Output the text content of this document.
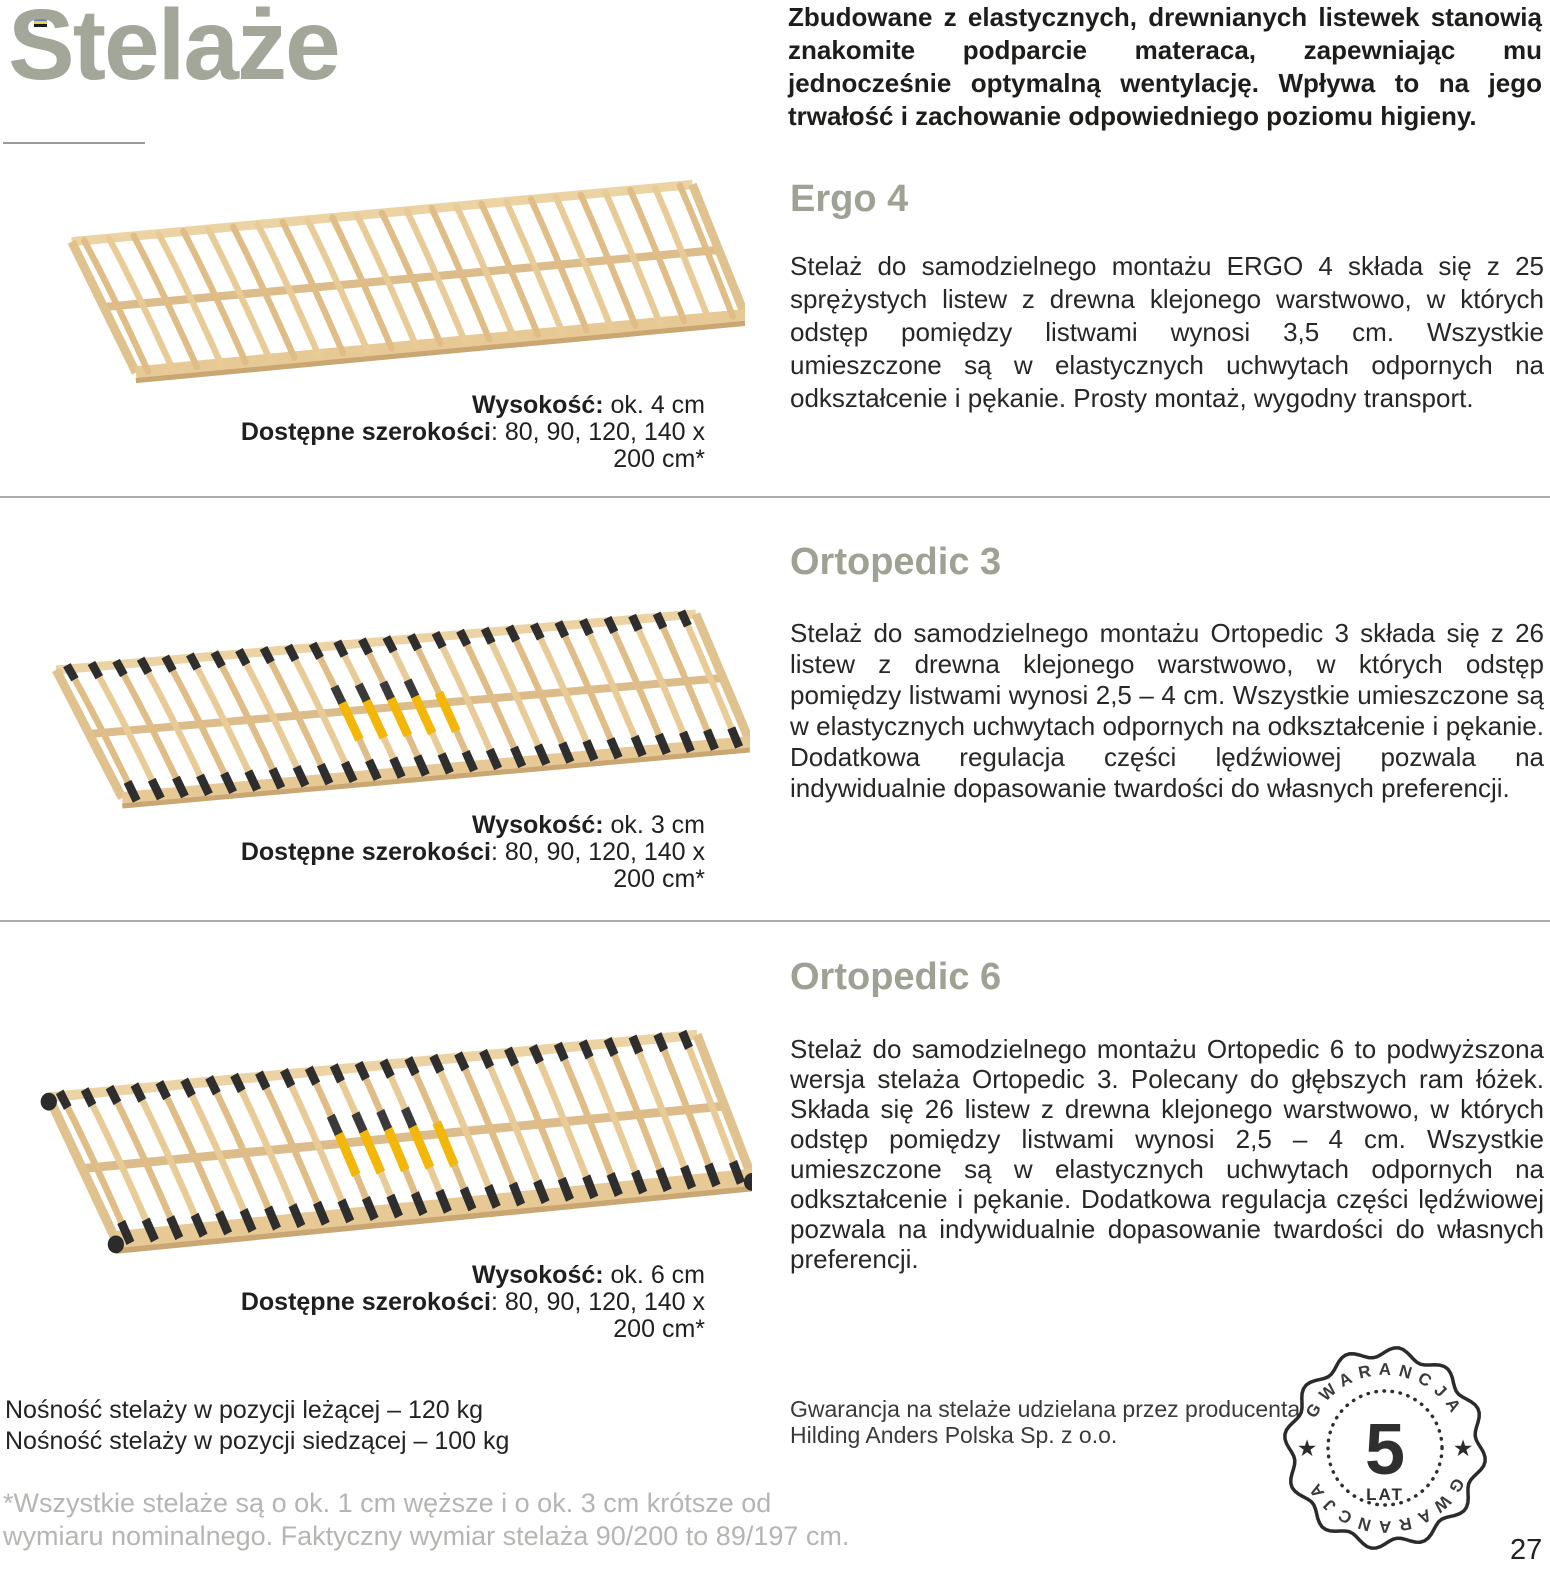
Stelaże	Zbudowane z elastycznych, drewnianych listewek stanowią znakomite podparcie materaca, zapewniając mu jednocześnie optymalną wentylację. Wpływa to na jego trwałość i zachowanie odpowiedniego poziomu higieny.
Wysokość: ok. 4 cm
Dostępne szerokości: 80, 90, 120, 140 x 200 cm*
Ergo 4
Stelaż do samodzielnego montażu ERGO 4 składa się z 25 sprężystych listew z drewna klejonego warstwowo, w których odstęp pomiędzy listwami wynosi 3,5 cm. Wszystkie umieszczone są w elastycznych uchwytach odpornych na odkształcenie i pękanie. Prosty montaż, wygodny transport.
Wysokość: ok. 3 cm
Dostępne szerokości: 80, 90, 120, 140 x 200 cm*
Ortopedic 3
Stelaż do samodzielnego montażu Ortopedic 3 składa się z 26 listew z drewna klejonego warstwowo, w których odstęp pomiędzy listwami wynosi 2,5 – 4 cm. Wszystkie umieszczone są w elastycznych uchwytach odpornych na odkształcenie i pękanie. Dodatkowa regulacja części lędźwiowej pozwala na indywidualnie dopasowanie twardości do własnych preferencji.
Wysokość: ok. 6 cm
Dostępne szerokości: 80, 90, 120, 140 x 200 cm*
Ortopedic 6
Stelaż do samodzielnego montażu Ortopedic 6 to podwyższona wersja stelaża Ortopedic 3. Polecany do głębszych ram łóżek. Składa się 26 listew z drewna klejonego warstwowo, w których odstęp pomiędzy listwami wynosi 2,5 – 4 cm. Wszystkie umieszczone są w elastycznych uchwytach odpornych na odkształcenie i pękanie. Dodatkowa regulacja części lędźwiowej pozwala na indywidualnie dopasowanie twardości do własnych preferencji.
Nośność stelaży w pozycji leżącej – 120 kg
Nośność stelaży w pozycji siedzącej – 100 kg
*Wszystkie stelaże są o ok. 1 cm węższe i o ok. 3 cm krótsze od
wymiaru nominalnego. Faktyczny wymiar stelaża 90/200 to 89/197 cm.
Gwarancja na stelaże udzielana przez producenta
Hilding Anders Polska Sp. z o.o.
GWARANCJA
GWARANCJA
★	★
5
LAT
27
